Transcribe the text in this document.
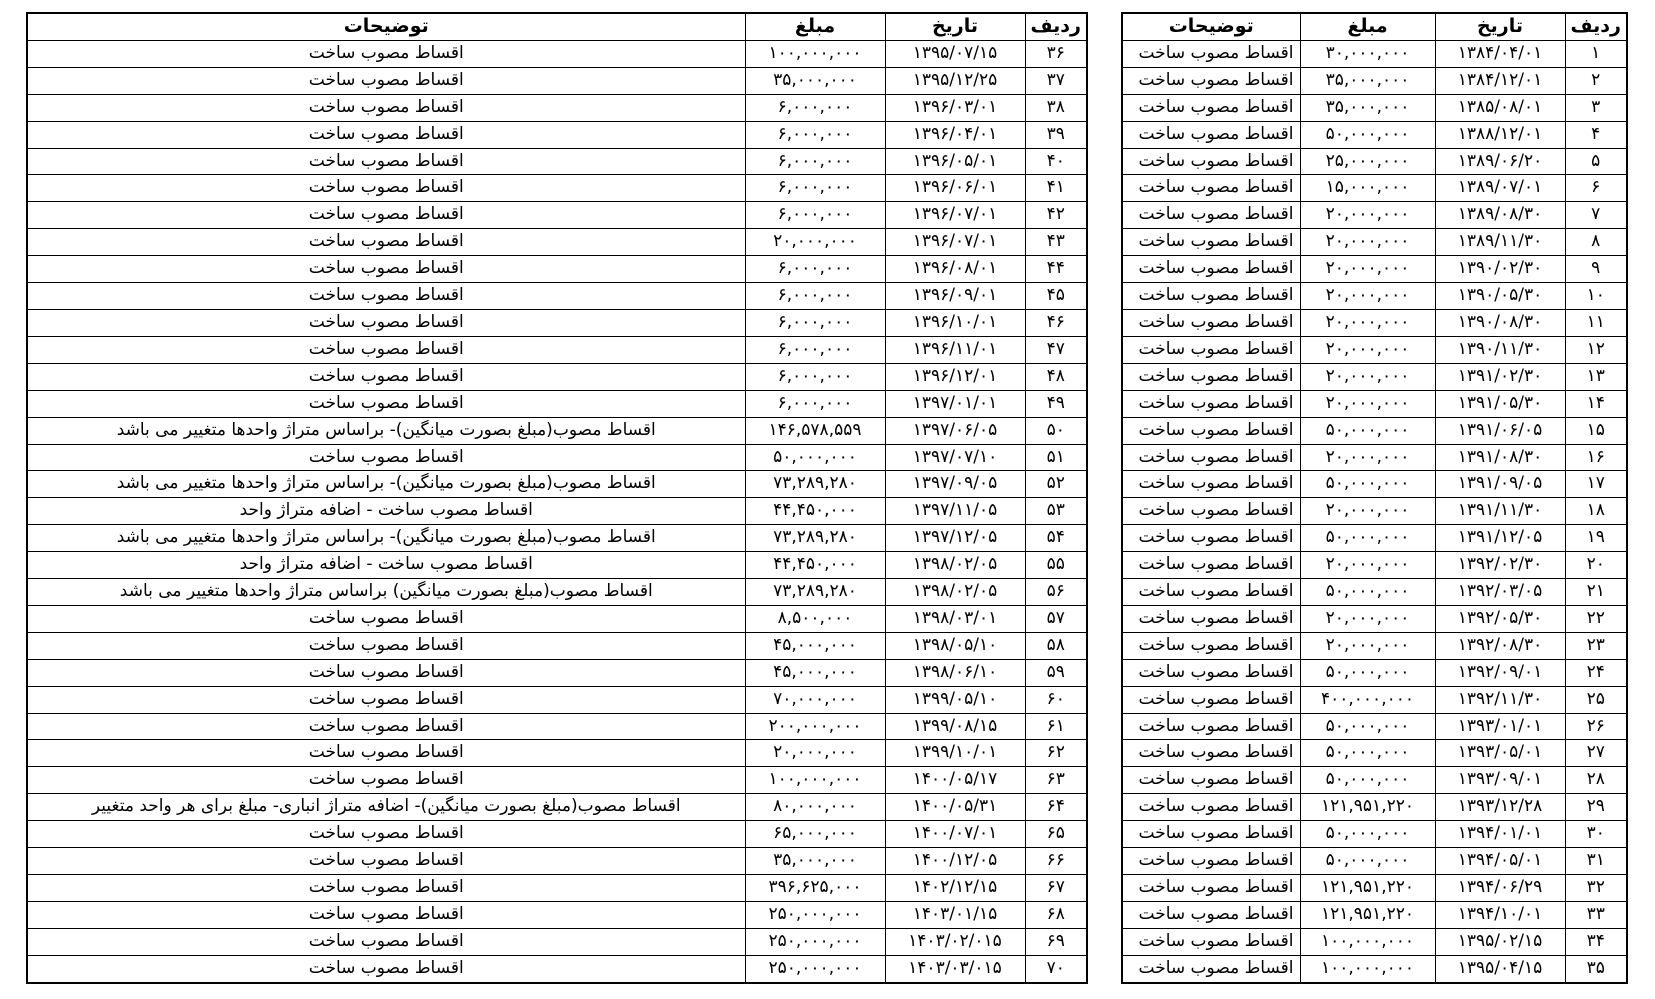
ردیف	تاریخ	مبلغ	توضیحات
۱	۱۳۸۴/۰۴/۰۱	۳۰,۰۰۰,۰۰۰	اقساط مصوب ساخت
۲	۱۳۸۴/۱۲/۰۱	۳۵,۰۰۰,۰۰۰	اقساط مصوب ساخت
۳	۱۳۸۵/۰۸/۰۱	۳۵,۰۰۰,۰۰۰	اقساط مصوب ساخت
۴	۱۳۸۸/۱۲/۰۱	۵۰,۰۰۰,۰۰۰	اقساط مصوب ساخت
۵	۱۳۸۹/۰۶/۲۰	۲۵,۰۰۰,۰۰۰	اقساط مصوب ساخت
۶	۱۳۸۹/۰۷/۰۱	۱۵,۰۰۰,۰۰۰	اقساط مصوب ساخت
۷	۱۳۸۹/۰۸/۳۰	۲۰,۰۰۰,۰۰۰	اقساط مصوب ساخت
۸	۱۳۸۹/۱۱/۳۰	۲۰,۰۰۰,۰۰۰	اقساط مصوب ساخت
۹	۱۳۹۰/۰۲/۳۰	۲۰,۰۰۰,۰۰۰	اقساط مصوب ساخت
۱۰	۱۳۹۰/۰۵/۳۰	۲۰,۰۰۰,۰۰۰	اقساط مصوب ساخت
۱۱	۱۳۹۰/۰۸/۳۰	۲۰,۰۰۰,۰۰۰	اقساط مصوب ساخت
۱۲	۱۳۹۰/۱۱/۳۰	۲۰,۰۰۰,۰۰۰	اقساط مصوب ساخت
۱۳	۱۳۹۱/۰۲/۳۰	۲۰,۰۰۰,۰۰۰	اقساط مصوب ساخت
۱۴	۱۳۹۱/۰۵/۳۰	۲۰,۰۰۰,۰۰۰	اقساط مصوب ساخت
۱۵	۱۳۹۱/۰۶/۰۵	۵۰,۰۰۰,۰۰۰	اقساط مصوب ساخت
۱۶	۱۳۹۱/۰۸/۳۰	۲۰,۰۰۰,۰۰۰	اقساط مصوب ساخت
۱۷	۱۳۹۱/۰۹/۰۵	۵۰,۰۰۰,۰۰۰	اقساط مصوب ساخت
۱۸	۱۳۹۱/۱۱/۳۰	۲۰,۰۰۰,۰۰۰	اقساط مصوب ساخت
۱۹	۱۳۹۱/۱۲/۰۵	۵۰,۰۰۰,۰۰۰	اقساط مصوب ساخت
۲۰	۱۳۹۲/۰۲/۳۰	۲۰,۰۰۰,۰۰۰	اقساط مصوب ساخت
۲۱	۱۳۹۲/۰۳/۰۵	۵۰,۰۰۰,۰۰۰	اقساط مصوب ساخت
۲۲	۱۳۹۲/۰۵/۳۰	۲۰,۰۰۰,۰۰۰	اقساط مصوب ساخت
۲۳	۱۳۹۲/۰۸/۳۰	۲۰,۰۰۰,۰۰۰	اقساط مصوب ساخت
۲۴	۱۳۹۲/۰۹/۰۱	۵۰,۰۰۰,۰۰۰	اقساط مصوب ساخت
۲۵	۱۳۹۲/۱۱/۳۰	۴۰۰,۰۰۰,۰۰۰	اقساط مصوب ساخت
۲۶	۱۳۹۳/۰۱/۰۱	۵۰,۰۰۰,۰۰۰	اقساط مصوب ساخت
۲۷	۱۳۹۳/۰۵/۰۱	۵۰,۰۰۰,۰۰۰	اقساط مصوب ساخت
۲۸	۱۳۹۳/۰۹/۰۱	۵۰,۰۰۰,۰۰۰	اقساط مصوب ساخت
۲۹	۱۳۹۳/۱۲/۲۸	۱۲۱,۹۵۱,۲۲۰	اقساط مصوب ساخت
۳۰	۱۳۹۴/۰۱/۰۱	۵۰,۰۰۰,۰۰۰	اقساط مصوب ساخت
۳۱	۱۳۹۴/۰۵/۰۱	۵۰,۰۰۰,۰۰۰	اقساط مصوب ساخت
۳۲	۱۳۹۴/۰۶/۲۹	۱۲۱,۹۵۱,۲۲۰	اقساط مصوب ساخت
۳۳	۱۳۹۴/۱۰/۰۱	۱۲۱,۹۵۱,۲۲۰	اقساط مصوب ساخت
۳۴	۱۳۹۵/۰۲/۱۵	۱۰۰,۰۰۰,۰۰۰	اقساط مصوب ساخت
۳۵	۱۳۹۵/۰۴/۱۵	۱۰۰,۰۰۰,۰۰۰	اقساط مصوب ساخت
ردیف	تاریخ	مبلغ	توضیحات
۳۶	۱۳۹۵/۰۷/۱۵	۱۰۰,۰۰۰,۰۰۰	اقساط مصوب ساخت
۳۷	۱۳۹۵/۱۲/۲۵	۳۵,۰۰۰,۰۰۰	اقساط مصوب ساخت
۳۸	۱۳۹۶/۰۳/۰۱	۶,۰۰۰,۰۰۰	اقساط مصوب ساخت
۳۹	۱۳۹۶/۰۴/۰۱	۶,۰۰۰,۰۰۰	اقساط مصوب ساخت
۴۰	۱۳۹۶/۰۵/۰۱	۶,۰۰۰,۰۰۰	اقساط مصوب ساخت
۴۱	۱۳۹۶/۰۶/۰۱	۶,۰۰۰,۰۰۰	اقساط مصوب ساخت
۴۲	۱۳۹۶/۰۷/۰۱	۶,۰۰۰,۰۰۰	اقساط مصوب ساخت
۴۳	۱۳۹۶/۰۷/۰۱	۲۰,۰۰۰,۰۰۰	اقساط مصوب ساخت
۴۴	۱۳۹۶/۰۸/۰۱	۶,۰۰۰,۰۰۰	اقساط مصوب ساخت
۴۵	۱۳۹۶/۰۹/۰۱	۶,۰۰۰,۰۰۰	اقساط مصوب ساخت
۴۶	۱۳۹۶/۱۰/۰۱	۶,۰۰۰,۰۰۰	اقساط مصوب ساخت
۴۷	۱۳۹۶/۱۱/۰۱	۶,۰۰۰,۰۰۰	اقساط مصوب ساخت
۴۸	۱۳۹۶/۱۲/۰۱	۶,۰۰۰,۰۰۰	اقساط مصوب ساخت
۴۹	۱۳۹۷/۰۱/۰۱	۶,۰۰۰,۰۰۰	اقساط مصوب ساخت
۵۰	۱۳۹۷/۰۶/۰۵	۱۴۶,۵۷۸,۵۵۹	اقساط مصوب(مبلغ بصورت میانگین)- براساس متراژ واحدها متغییر می باشد
۵۱	۱۳۹۷/۰۷/۱۰	۵۰,۰۰۰,۰۰۰	اقساط مصوب ساخت
۵۲	۱۳۹۷/۰۹/۰۵	۷۳,۲۸۹,۲۸۰	اقساط مصوب(مبلغ بصورت میانگین)- براساس متراژ واحدها متغییر می باشد
۵۳	۱۳۹۷/۱۱/۰۵	۴۴,۴۵۰,۰۰۰	اقساط مصوب ساخت - اضافه متراژ واحد
۵۴	۱۳۹۷/۱۲/۰۵	۷۳,۲۸۹,۲۸۰	اقساط مصوب(مبلغ بصورت میانگین)- براساس متراژ واحدها متغییر می باشد
۵۵	۱۳۹۸/۰۲/۰۵	۴۴,۴۵۰,۰۰۰	اقساط مصوب ساخت - اضافه متراژ واحد
۵۶	۱۳۹۸/۰۲/۰۵	۷۳,۲۸۹,۲۸۰	اقساط مصوب(مبلغ بصورت میانگین) براساس متراژ واحدها متغییر می باشد
۵۷	۱۳۹۸/۰۳/۰۱	۸,۵۰۰,۰۰۰	اقساط مصوب ساخت
۵۸	۱۳۹۸/۰۵/۱۰	۴۵,۰۰۰,۰۰۰	اقساط مصوب ساخت
۵۹	۱۳۹۸/۰۶/۱۰	۴۵,۰۰۰,۰۰۰	اقساط مصوب ساخت
۶۰	۱۳۹۹/۰۵/۱۰	۷۰,۰۰۰,۰۰۰	اقساط مصوب ساخت
۶۱	۱۳۹۹/۰۸/۱۵	۲۰۰,۰۰۰,۰۰۰	اقساط مصوب ساخت
۶۲	۱۳۹۹/۱۰/۰۱	۲۰,۰۰۰,۰۰۰	اقساط مصوب ساخت
۶۳	۱۴۰۰/۰۵/۱۷	۱۰۰,۰۰۰,۰۰۰	اقساط مصوب ساخت
۶۴	۱۴۰۰/۰۵/۳۱	۸۰,۰۰۰,۰۰۰	اقساط مصوب(مبلغ بصورت میانگین)- اضافه متراژ انباری- مبلغ برای هر واحد متغییر
۶۵	۱۴۰۰/۰۷/۰۱	۶۵,۰۰۰,۰۰۰	اقساط مصوب ساخت
۶۶	۱۴۰۰/۱۲/۰۵	۳۵,۰۰۰,۰۰۰	اقساط مصوب ساخت
۶۷	۱۴۰۲/۱۲/۱۵	۳۹۶,۶۲۵,۰۰۰	اقساط مصوب ساخت
۶۸	۱۴۰۳/۰۱/۱۵	۲۵۰,۰۰۰,۰۰۰	اقساط مصوب ساخت
۶۹	۱۴۰۳/۰۲/۰۱۵	۲۵۰,۰۰۰,۰۰۰	اقساط مصوب ساخت
۷۰	۱۴۰۳/۰۳/۰۱۵	۲۵۰,۰۰۰,۰۰۰	اقساط مصوب ساخت
